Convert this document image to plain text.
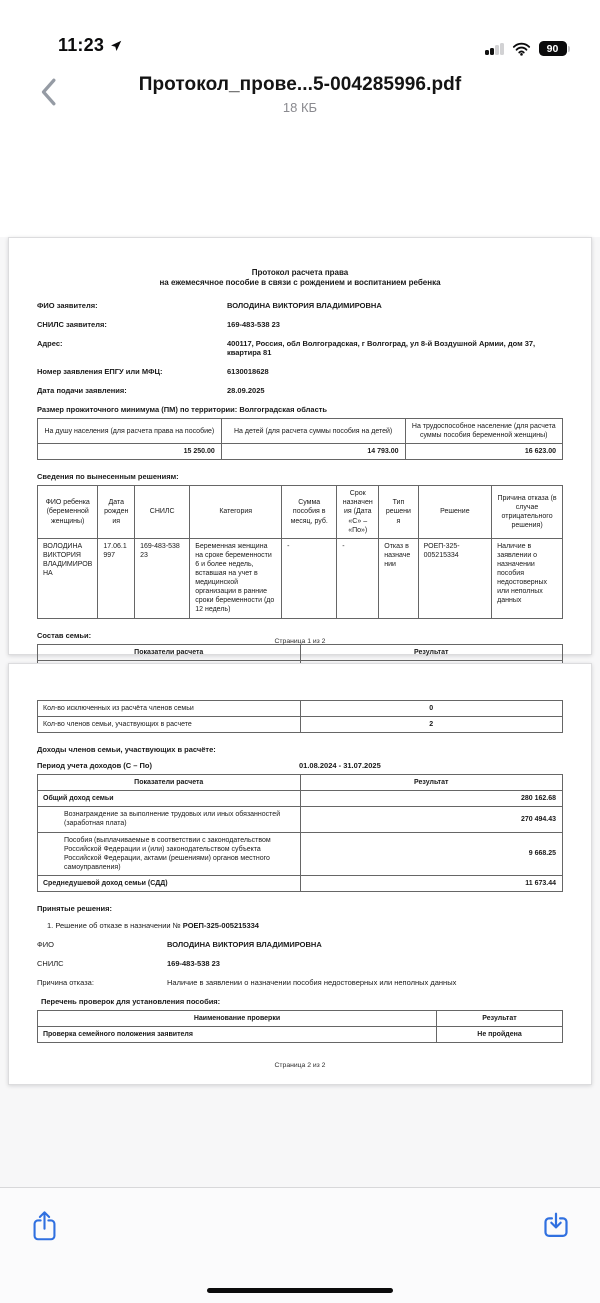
11:23	90
Протокол_прове...5-004285996.pdf
18 КБ
Протокол расчета права
на ежемесячное пособие в связи с рождением и воспитанием ребенка
ФИО заявителя:	ВОЛОДИНА ВИКТОРИЯ ВЛАДИМИРОВНА
СНИЛС заявителя:	169-483-538 23
Адрес:	400117, Россия, обл Волгоградская, г Волгоград, ул 8-й Воздушной Армии, дом 37, квартира 81
Номер заявления ЕПГУ или МФЦ:	6130018628
Дата подачи заявления:	28.09.2025
Размер прожиточного минимума (ПМ) по территории: Волгоградская область
На душу населения (для расчета права на пособие)	На детей (для расчета суммы пособия на детей)	На трудоспособное население (для расчета суммы пособия беременной женщины)
15 250.00	14 793.00	16 623.00
Сведения по вынесенным решениям:
ФИО ребенка (беременной женщины)	Дата рождения	СНИЛС	Категория	Сумма пособия в месяц, руб.	Срок назначения (Дата «С» – «По»)	Тип решения	Решение	Причина отказа (в случае отрицательного решения)
ВОЛОДИНА ВИКТОРИЯ ВЛАДИМИРОВНА	17.06.1997	169-483-538 23	Беременная женщина на сроке беременности 6 и более недель, вставшая на учет в медицинской организации в ранние сроки беременности (до 12 недель)	-	-	Отказ в назначении	РОЕП-325-005215334	Наличие в заявлении о назначении пособия недостоверных или неполных данных
Состав семьи:
Показатели расчета	Результат

Страница 1 из 2
Кол-во исключенных из расчёта членов семьи	0
Кол-во членов семьи, участвующих в расчете	2
Доходы членов семьи, участвующих в расчёте:
Период учета доходов (С – По)	01.08.2024 - 31.07.2025
Показатели расчета	Результат
Общий доход семьи	280 162.68
Вознаграждение за выполнение трудовых или иных обязанностей (заработная плата)	270 494.43
Пособия (выплачиваемые в соответствии с законодательством Российской Федерации и (или) законодательством субъекта Российской Федерации, актами (решениями) органов местного самоуправления)	9 668.25
Среднедушевой доход семьи (СДД)	11 673.44
Принятые решения:
1. Решение об отказе в назначении № РОЕП-325-005215334
ФИО	ВОЛОДИНА ВИКТОРИЯ ВЛАДИМИРОВНА
СНИЛС	169-483-538 23
Причина отказа:	Наличие в заявлении о назначении пособия недостоверных или неполных данных
Перечень проверок для установления пособия:
Наименование проверки	Результат
Проверка семейного положения заявителя	Не пройдена
Страница 2 из 2
